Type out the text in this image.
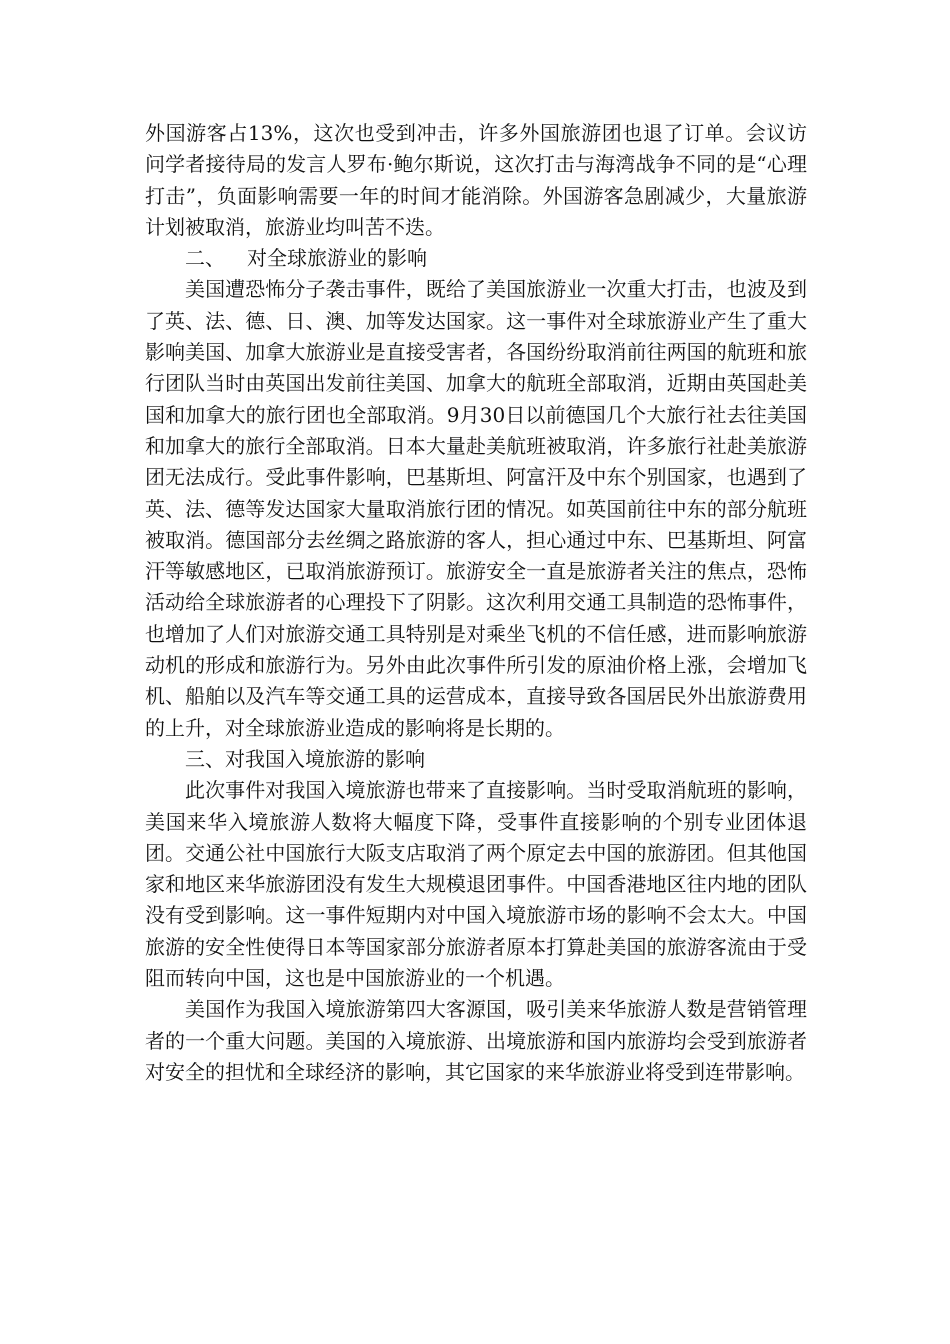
外国游客占13%，这次也受到冲击，许多外国旅游团也退了订单。会议访问学者接待局的发言人罗布·鲍尔斯说，这次打击与海湾战争不同的是“心理打击”，负面影响需要一年的时间才能消除。外国游客急剧减少，大量旅游计划被取消，旅游业均叫苦不迭。

二、 对全球旅游业的影响

美国遭恐怖分子袭击事件，既给了美国旅游业一次重大打击，也波及到了英、法、德、日、澳、加等发达国家。这一事件对全球旅游业产生了重大影响美国、加拿大旅游业是直接受害者，各国纷纷取消前往两国的航班和旅行团队当时由英国出发前往美国、加拿大的航班全部取消，近期由英国赴美国和加拿大的旅行团也全部取消。9月30日以前德国几个大旅行社去往美国和加拿大的旅行全部取消。日本大量赴美航班被取消，许多旅行社赴美旅游团无法成行。受此事件影响，巴基斯坦、阿富汗及中东个别国家，也遇到了英、法、德等发达国家大量取消旅行团的情况。如英国前往中东的部分航班被取消。德国部分去丝绸之路旅游的客人，担心通过中东、巴基斯坦、阿富汗等敏感地区，已取消旅游预订。旅游安全一直是旅游者关注的焦点，恐怖活动给全球旅游者的心理投下了阴影。这次利用交通工具制造的恐怖事件，也增加了人们对旅游交通工具特别是对乘坐飞机的不信任感，进而影响旅游动机的形成和旅游行为。另外由此次事件所引发的原油价格上涨，会增加飞机、船舶以及汽车等交通工具的运营成本，直接导致各国居民外出旅游费用的上升，对全球旅游业造成的影响将是长期的。

三、对我国入境旅游的影响

此次事件对我国入境旅游也带来了直接影响。当时受取消航班的影响，美国来华入境旅游人数将大幅度下降，受事件直接影响的个别专业团体退团。交通公社中国旅行大阪支店取消了两个原定去中国的旅游团。但其他国家和地区来华旅游团没有发生大规模退团事件。中国香港地区往内地的团队没有受到影响。这一事件短期内对中国入境旅游市场的影响不会太大。中国旅游的安全性使得日本等国家部分旅游者原本打算赴美国的旅游客流由于受阻而转向中国，这也是中国旅游业的一个机遇。

美国作为我国入境旅游第四大客源国，吸引美来华旅游人数是营销管理者的一个重大问题。美国的入境旅游、出境旅游和国内旅游均会受到旅游者对安全的担忧和全球经济的影响，其它国家的来华旅游业将受到连带影响。
